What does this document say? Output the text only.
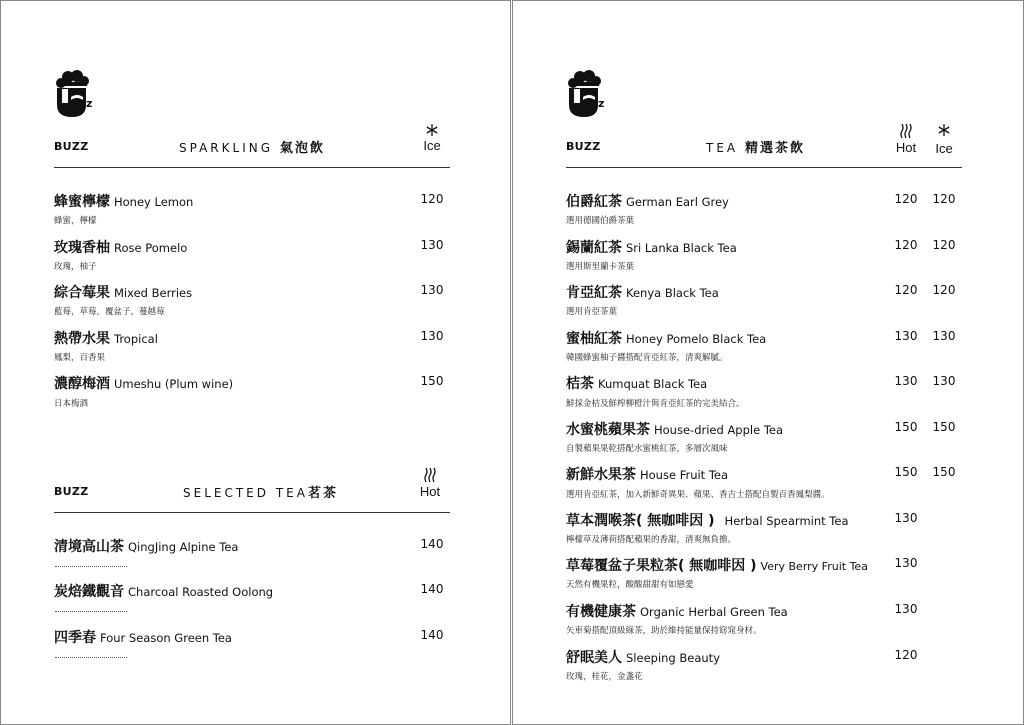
z
BUZZ	SPARKLING 氣泡飲	Ice
蜂蜜檸檬 Honey Lemon
蜂蜜，檸檬
120
玫瑰香柚 Rose Pomelo
玫瑰，柚子
130
綜合莓果 Mixed Berries
藍莓，草莓，覆盆子，蔓越莓
130
熱帶水果 Tropical
鳳梨，百香果
130
濃醇梅酒 Umeshu (Plum wine)
日本梅酒
150
BUZZ	SELECTED TEA茗茶	Hot
清境高山茶 QingJing Alpine Tea	140
炭焙鐵觀音 Charcoal Roasted Oolong	140
四季春 Four Season Green Tea	140
z
BUZZ	TEA 精選茶飲	Hot	Ice
伯爵紅茶 German Earl Grey
選用德國伯爵茶葉
120 120
錫蘭紅茶 Sri Lanka Black Tea
選用斯里蘭卡茶葉
120 120
肯亞紅茶 Kenya Black Tea
選用肯亞茶葉
120 120
蜜柚紅茶 Honey Pomelo Black Tea
韓國蜂蜜柚子醬搭配肯亞紅茶，清爽解膩。
130 130
桔茶 Kumquat Black Tea
鮮採金桔及鮮榨柳橙汁與肯亞紅茶的完美結合。
130 130
水蜜桃蘋果茶 House-dried Apple Tea
自製蘋果果乾搭配水蜜桃紅茶，多層次風味
150 150
新鮮水果茶 House Fruit Tea
選用肯亞紅茶，加入新鮮奇異果、蘋果、香吉士搭配自製百香鳳梨醬。
150 150
草本潤喉茶( 無咖啡因 ) Herbal Spearmint Tea
檸檬草及薄荷搭配蘋果的香甜，清爽無負擔。
130
草莓覆盆子果粒茶( 無咖啡因 ) Very Berry Fruit Tea
天然有機果粒，酸酸甜甜有如戀愛
130
有機健康茶 Organic Herbal Green Tea
矢車菊搭配頂級綠茶，助於維持能量保持窈窕身材。
130
舒眠美人 Sleeping Beauty
玫瑰，桂花，金盞花
120
